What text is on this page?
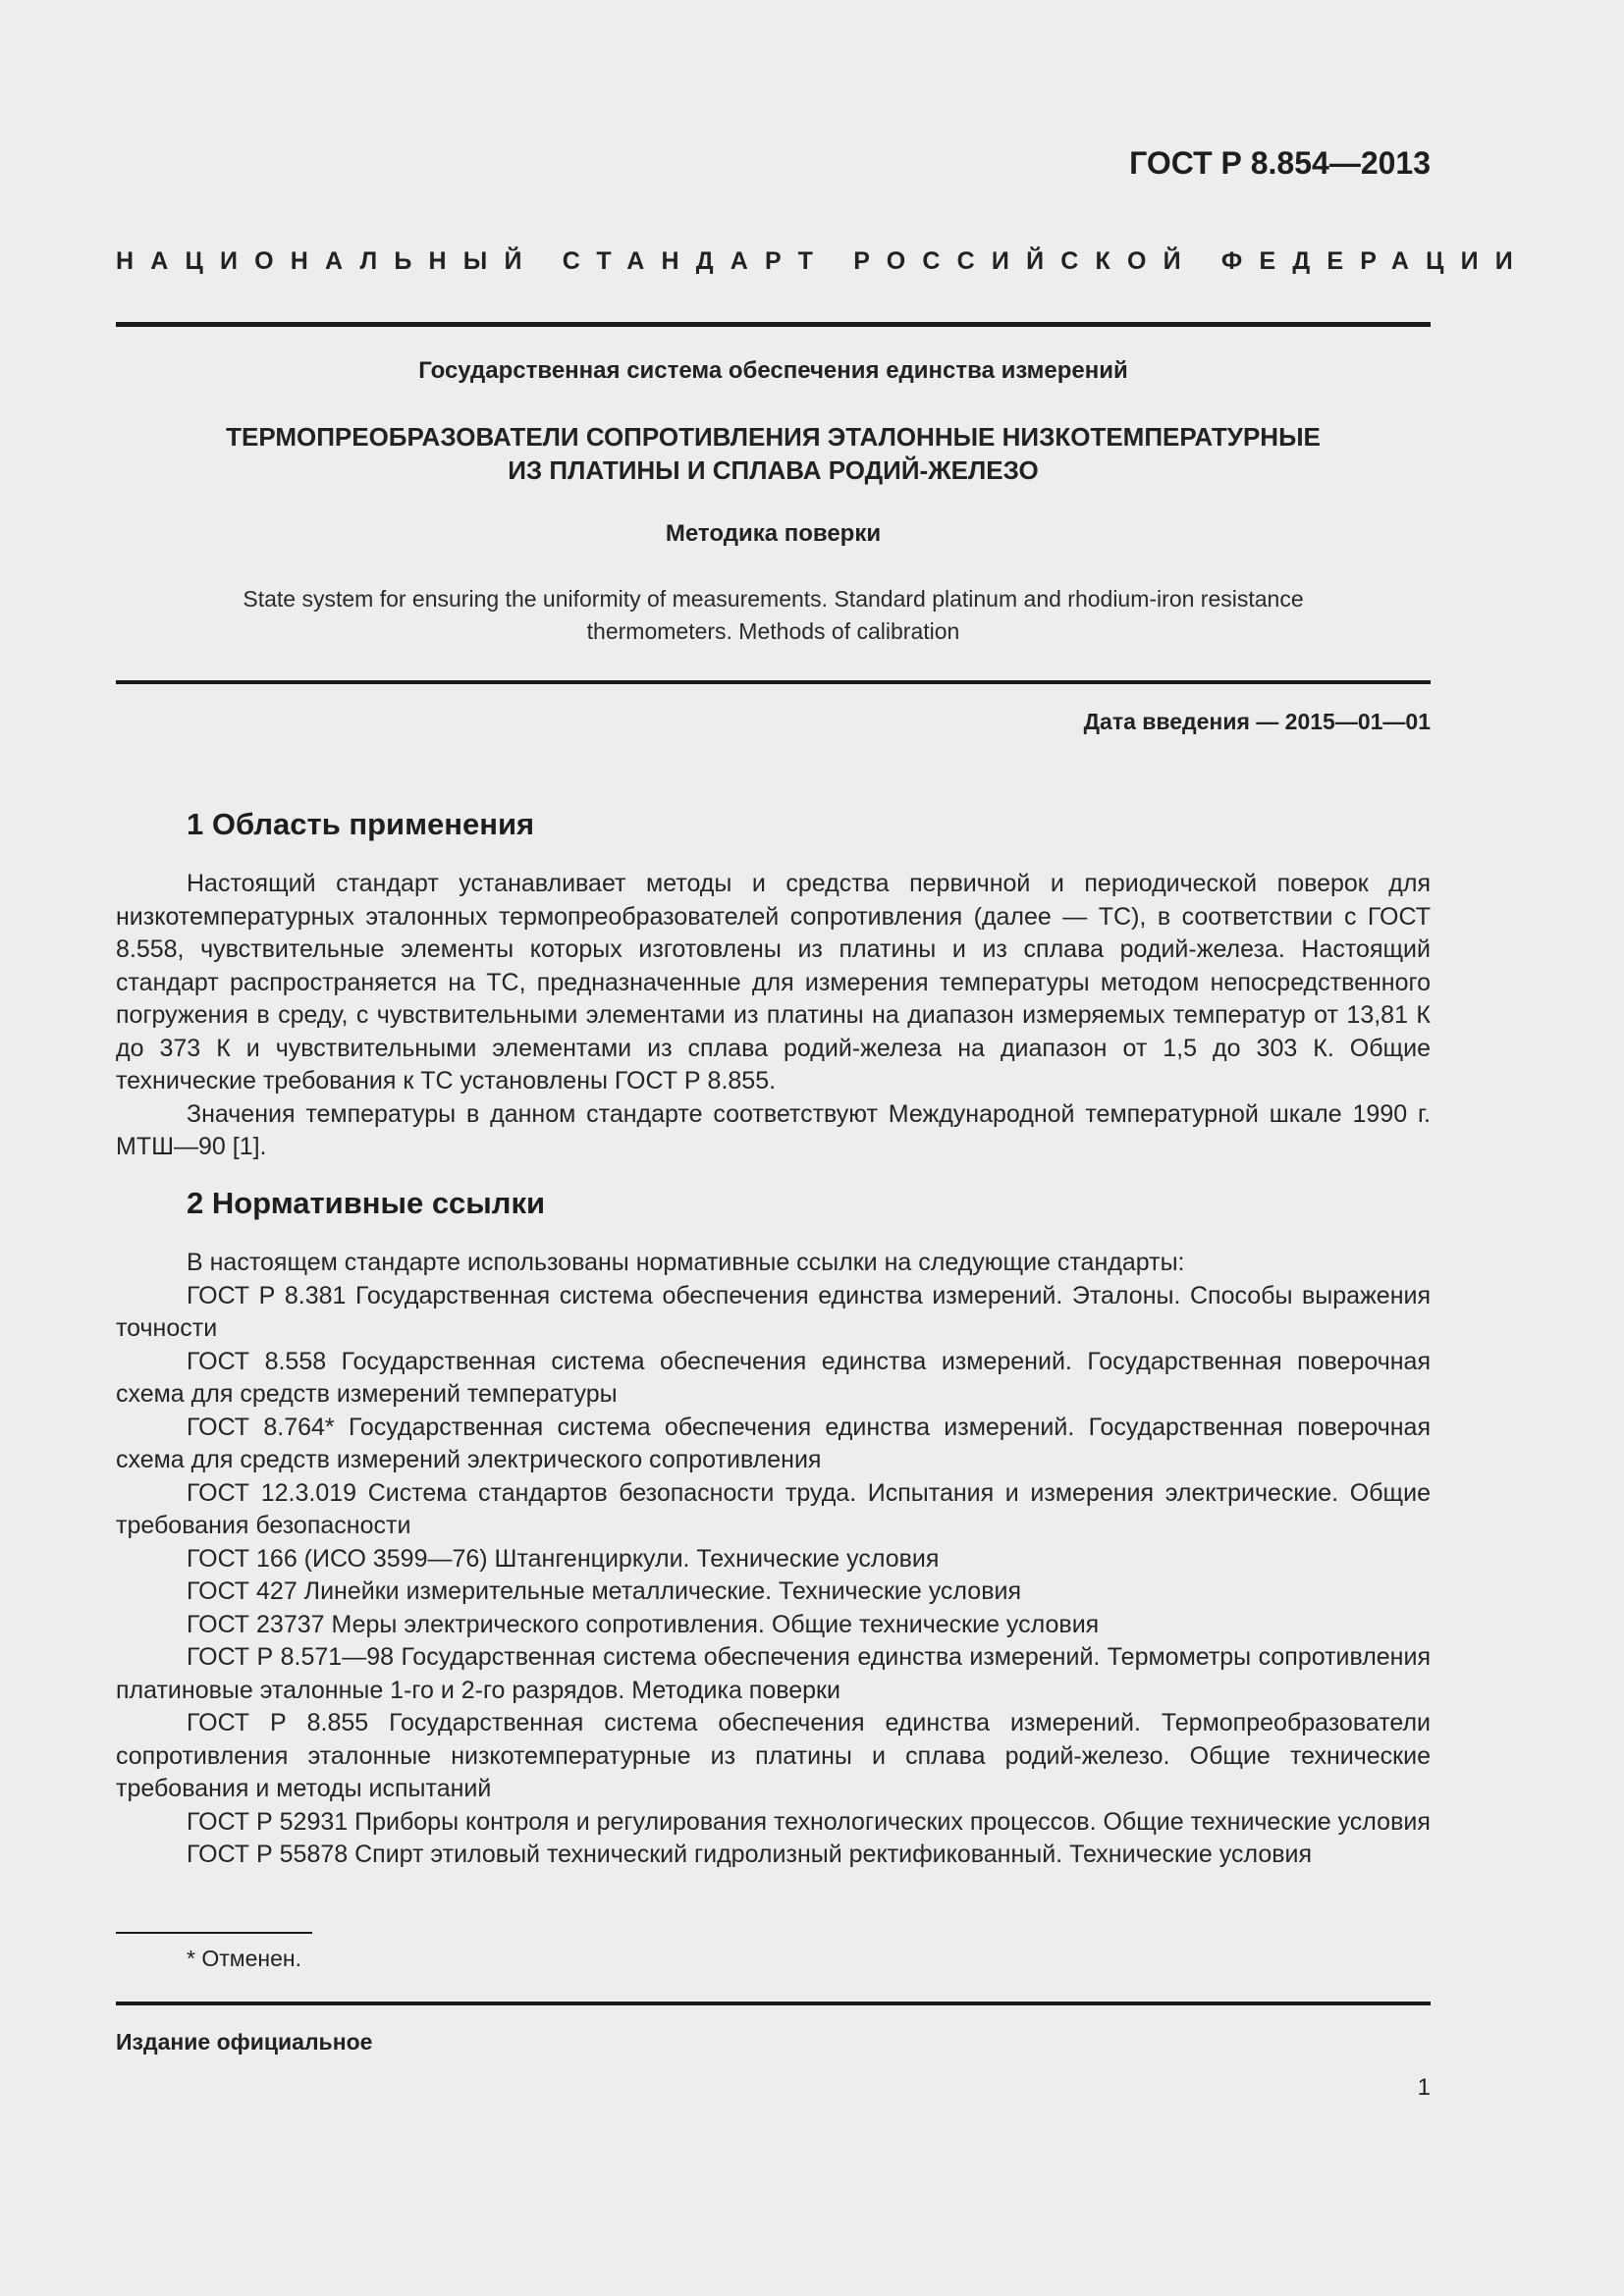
ГОСТ Р 8.854—2013
НАЦИОНАЛЬНЫЙ СТАНДАРТ РОССИЙСКОЙ ФЕДЕРАЦИИ
Государственная система обеспечения единства измерений
ТЕРМОПРЕОБРАЗОВАТЕЛИ СОПРОТИВЛЕНИЯ ЭТАЛОННЫЕ НИЗКОТЕМПЕРАТУРНЫЕ
ИЗ ПЛАТИНЫ И СПЛАВА РОДИЙ-ЖЕЛЕЗО
Методика поверки
State system for ensuring the uniformity of measurements. Standard platinum and rhodium-iron resistance
thermometers. Methods of calibration
Дата введения — 2015—01—01
1 Область применения

Настоящий стандарт устанавливает методы и средства первичной и периодической поверок для низкотемпературных эталонных термопреобразователей сопротивления (далее — ТС), в соответствии с ГОСТ 8.558, чувствительные элементы которых изготовлены из платины и из сплава родий-железа. Настоящий стандарт распространяется на ТС, предназначенные для измерения температуры методом непосредственного погружения в среду, с чувствительными элементами из платины на диапазон измеряемых температур от 13,81 К до 373 К и чувствительными элементами из сплава родий-железа на диапазон от 1,5 до 303 К. Общие технические требования к ТС установлены ГОСТ Р 8.855.

Значения температуры в данном стандарте соответствуют Международной температурной шкале 1990 г. МТШ—90 [1].

2 Нормативные ссылки

В настоящем стандарте использованы нормативные ссылки на следующие стандарты:

ГОСТ Р 8.381 Государственная система обеспечения единства измерений. Эталоны. Способы выражения точности

ГОСТ 8.558 Государственная система обеспечения единства измерений. Государственная поверочная схема для средств измерений температуры

ГОСТ 8.764* Государственная система обеспечения единства измерений. Государственная поверочная схема для средств измерений электрического сопротивления

ГОСТ 12.3.019 Система стандартов безопасности труда. Испытания и измерения электрические. Общие требования безопасности

ГОСТ 166 (ИСО 3599—76) Штангенциркули. Технические условия

ГОСТ 427 Линейки измерительные металлические. Технические условия

ГОСТ 23737 Меры электрического сопротивления. Общие технические условия

ГОСТ Р 8.571—98 Государственная система обеспечения единства измерений. Термометры сопротивления платиновые эталонные 1-го и 2-го разрядов. Методика поверки

ГОСТ Р 8.855 Государственная система обеспечения единства измерений. Термопреобразователи сопротивления эталонные низкотемпературные из платины и сплава родий-железо. Общие технические требования и методы испытаний

ГОСТ Р 52931 Приборы контроля и регулирования технологических процессов. Общие технические условия

ГОСТ Р 55878 Спирт этиловый технический гидролизный ректификованный. Технические условия

* Отменен.
Издание официальное
1
